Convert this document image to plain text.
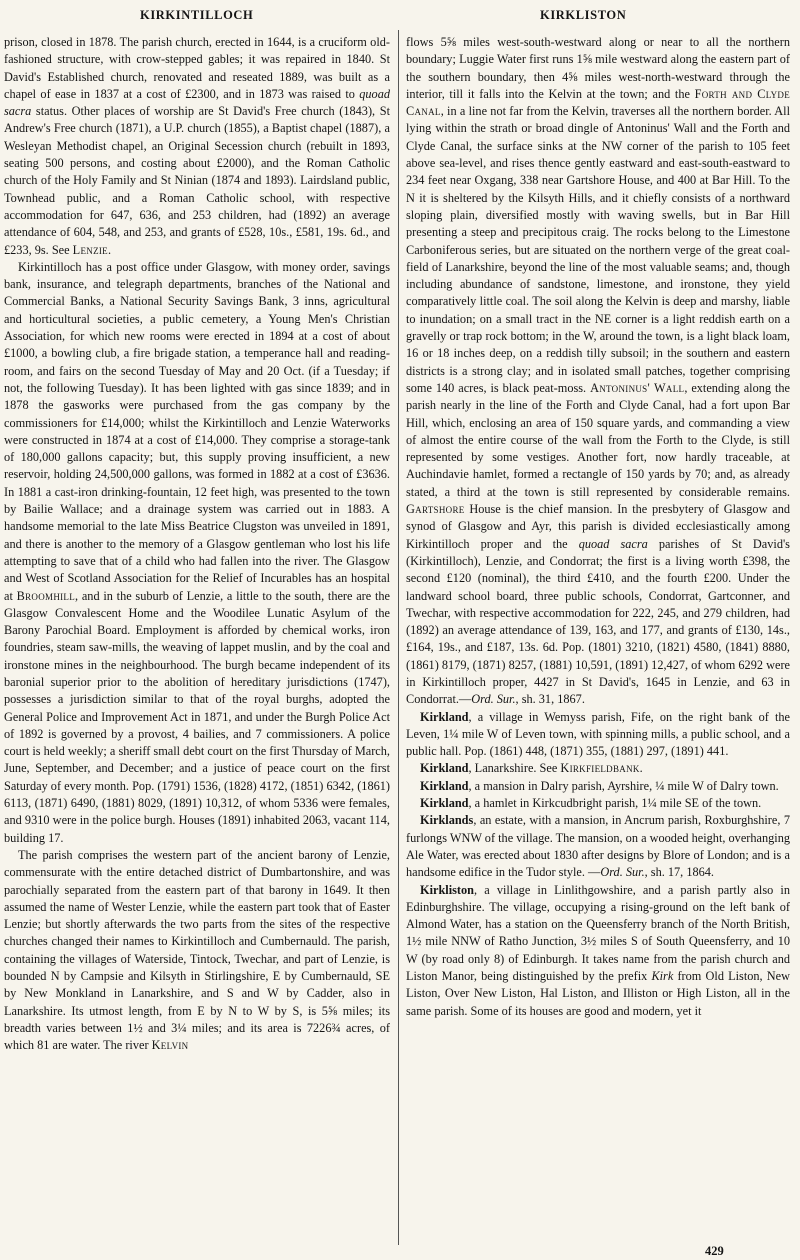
KIRKINTILLOCH	KIRKLISTON

prison, closed in 1878. The parish church, erected in 1644, is a cruciform old-fashioned structure, with crow-stepped gables; it was repaired in 1840. St David's Established church, renovated and reseated 1889, was built as a chapel of ease in 1837 at a cost of £2300, and in 1873 was raised to quoad sacra status. Other places of worship are St David's Free church (1843), St Andrew's Free church (1871), a U.P. church (1855), a Baptist chapel (1887), a Wesleyan Methodist chapel, an Original Secession church (rebuilt in 1893, seating 500 persons, and costing about £2000), and the Roman Catholic church of the Holy Family and St Ninian (1874 and 1893). Lairdsland public, Townhead public, and a Roman Catholic school, with respective accommodation for 647, 636, and 253 children, had (1892) an average attendance of 604, 548, and 253, and grants of £528, 10s., £581, 19s. 6d., and £233, 9s. See Lenzie.

Kirkintilloch has a post office under Glasgow, with money order, savings bank, insurance, and telegraph departments, branches of the National and Commercial Banks, a National Security Savings Bank, 3 inns, agricultural and horticultural societies, a public cemetery, a Young Men's Christian Association, for which new rooms were erected in 1894 at a cost of about £1000, a bowling club, a fire brigade station, a temperance hall and reading-room, and fairs on the second Tuesday of May and 20 Oct. (if a Tuesday; if not, the following Tuesday). It has been lighted with gas since 1839; and in 1878 the gasworks were purchased from the gas company by the commissioners for £14,000; whilst the Kirkintilloch and Lenzie Waterworks were constructed in 1874 at a cost of £14,000. They comprise a storage-tank of 180,000 gallons capacity; but, this supply proving insufficient, a new reservoir, holding 24,500,000 gallons, was formed in 1882 at a cost of £3636. In 1881 a cast-iron drinking-fountain, 12 feet high, was presented to the town by Bailie Wallace; and a drainage system was carried out in 1883. A handsome memorial to the late Miss Beatrice Clugston was unveiled in 1891, and there is another to the memory of a Glasgow gentleman who lost his life attempting to save that of a child who had fallen into the river. The Glasgow and West of Scotland Association for the Relief of Incurables has an hospital at Broomhill, and in the suburb of Lenzie, a little to the south, there are the Glasgow Convalescent Home and the Woodilee Lunatic Asylum of the Barony Parochial Board. Employment is afforded by chemical works, iron foundries, steam saw-mills, the weaving of lappet muslin, and by the coal and ironstone mines in the neighbourhood. The burgh became independent of its baronial superior prior to the abolition of hereditary jurisdictions (1747), possesses a jurisdiction similar to that of the royal burghs, adopted the General Police and Improvement Act in 1871, and under the Burgh Police Act of 1892 is governed by a provost, 4 bailies, and 7 commissioners. A police court is held weekly; a sheriff small debt court on the first Thursday of March, June, September, and December; and a justice of peace court on the first Saturday of every month. Pop. (1791) 1536, (1828) 4172, (1851) 6342, (1861) 6113, (1871) 6490, (1881) 8029, (1891) 10,312, of whom 5336 were females, and 9310 were in the police burgh. Houses (1891) inhabited 2063, vacant 114, building 17.

The parish comprises the western part of the ancient barony of Lenzie, commensurate with the entire detached district of Dumbartonshire, and was parochially separated from the eastern part of that barony in 1649. It then assumed the name of Wester Lenzie, while the eastern part took that of Easter Lenzie; but shortly afterwards the two parts from the sites of the respective churches changed their names to Kirkintilloch and Cumbernauld. The parish, containing the villages of Waterside, Tintock, Twechar, and part of Lenzie, is bounded N by Campsie and Kilsyth in Stirlingshire, E by Cumbernauld, SE by New Monkland in Lanarkshire, and S and W by Cadder, also in Lanarkshire. Its utmost length, from E by N to W by S, is 5⅝ miles; its breadth varies between 1½ and 3¼ miles; and its area is 7226¾ acres, of which 81 are water. The river Kelvin

flows 5⅝ miles west-south-westward along or near to all the northern boundary; Luggie Water first runs 1⅝ mile westward along the eastern part of the southern boundary, then 4⅝ miles west-north-westward through the interior, till it falls into the Kelvin at the town; and the Forth and Clyde Canal, in a line not far from the Kelvin, traverses all the northern border. All lying within the strath or broad dingle of Antoninus' Wall and the Forth and Clyde Canal, the surface sinks at the NW corner of the parish to 105 feet above sea-level, and rises thence gently eastward and east-south-eastward to 234 feet near Oxgang, 338 near Gartshore House, and 400 at Bar Hill. To the N it is sheltered by the Kilsyth Hills, and it chiefly consists of a northward sloping plain, diversified mostly with waving swells, but in Bar Hill presenting a steep and precipitous craig. The rocks belong to the Limestone Carboniferous series, but are situated on the northern verge of the great coal-field of Lanarkshire, beyond the line of the most valuable seams; and, though including abundance of sandstone, limestone, and ironstone, they yield comparatively little coal. The soil along the Kelvin is deep and marshy, liable to inundation; on a small tract in the NE corner is a light reddish earth on a gravelly or trap rock bottom; in the W, around the town, is a light black loam, 16 or 18 inches deep, on a reddish tilly subsoil; in the southern and eastern districts is a strong clay; and in isolated small patches, together comprising some 140 acres, is black peat-moss. Antoninus' Wall, extending along the parish nearly in the line of the Forth and Clyde Canal, had a fort upon Bar Hill, which, enclosing an area of 150 square yards, and commanding a view of almost the entire course of the wall from the Forth to the Clyde, is still represented by some vestiges. Another fort, now hardly traceable, at Auchindavie hamlet, formed a rectangle of 150 yards by 70; and, as already stated, a third at the town is still represented by considerable remains. Gartshore House is the chief mansion. In the presbytery of Glasgow and synod of Glasgow and Ayr, this parish is divided ecclesiastically among Kirkintilloch proper and the quoad sacra parishes of St David's (Kirkintilloch), Lenzie, and Condorrat; the first is a living worth £398, the second £120 (nominal), the third £410, and the fourth £200. Under the landward school board, three public schools, Condorrat, Gartconner, and Twechar, with respective accommodation for 222, 245, and 279 children, had (1892) an average attendance of 139, 163, and 177, and grants of £130, 14s., £164, 19s., and £187, 13s. 6d. Pop. (1801) 3210, (1821) 4580, (1841) 8880, (1861) 8179, (1871) 8257, (1881) 10,591, (1891) 12,427, of whom 6292 were in Kirkintilloch proper, 4427 in St David's, 1645 in Lenzie, and 63 in Condorrat.—Ord. Sur., sh. 31, 1867.

Kirkland, a village in Wemyss parish, Fife, on the right bank of the Leven, 1¼ mile W of Leven town, with spinning mills, a public school, and a public hall. Pop. (1861) 448, (1871) 355, (1881) 297, (1891) 441.

Kirkland, Lanarkshire. See Kirkfieldbank.

Kirkland, a mansion in Dalry parish, Ayrshire, ¼ mile W of Dalry town.

Kirkland, a hamlet in Kirkcudbright parish, 1¼ mile SE of the town.

Kirklands, an estate, with a mansion, in Ancrum parish, Roxburghshire, 7 furlongs WNW of the village. The mansion, on a wooded height, overhanging Ale Water, was erected about 1830 after designs by Blore of London; and is a handsome edifice in the Tudor style. —Ord. Sur., sh. 17, 1864.

Kirkliston, a village in Linlithgowshire, and a parish partly also in Edinburghshire. The village, occupying a rising-ground on the left bank of Almond Water, has a station on the Queensferry branch of the North British, 1½ mile NNW of Ratho Junction, 3½ miles S of South Queensferry, and 10 W (by road only 8) of Edinburgh. It takes name from the parish church and Liston Manor, being distinguished by the prefix Kirk from Old Liston, New Liston, Over New Liston, Hal Liston, and Illiston or High Liston, all in the same parish. Some of its houses are good and modern, yet it

429
